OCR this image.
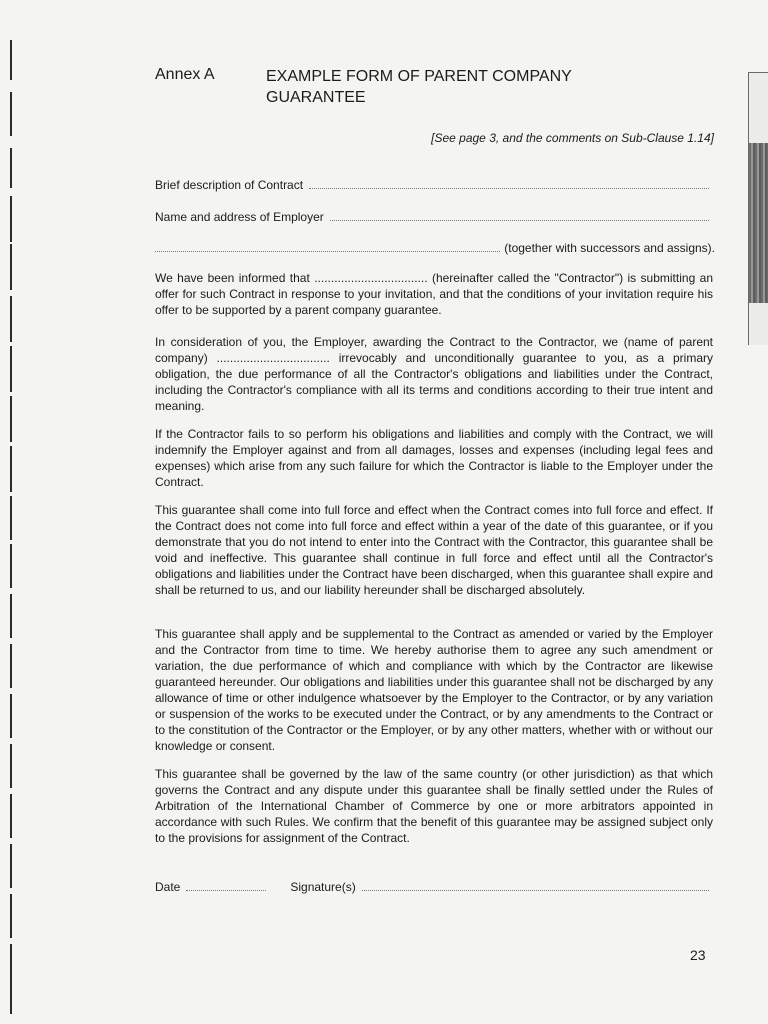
Annex A	EXAMPLE FORM OF PARENT COMPANY
GUARANTEE
[See page 3, and the comments on Sub-Clause 1.14]
Brief description of Contract
Name and address of Employer
(together with successors and assigns).

We have been informed that .................................. (hereinafter called the "Contractor") is submitting an offer for such Contract in response to your invitation, and that the conditions of your invitation require his offer to be supported by a parent company guarantee.

In consideration of you, the Employer, awarding the Contract to the Contractor, we (name of parent company) .................................. irrevocably and unconditionally guarantee to you, as a primary obligation, the due performance of all the Contractor's obligations and liabilities under the Contract, including the Contractor's compliance with all its terms and conditions according to their true intent and meaning.

If the Contractor fails to so perform his obligations and liabilities and comply with the Contract, we will indemnify the Employer against and from all damages, losses and expenses (including legal fees and expenses) which arise from any such failure for which the Contractor is liable to the Employer under the Contract.

This guarantee shall come into full force and effect when the Contract comes into full force and effect. If the Contract does not come into full force and effect within a year of the date of this guarantee, or if you demonstrate that you do not intend to enter into the Contract with the Contractor, this guarantee shall be void and ineffective. This guarantee shall continue in full force and effect until all the Contractor's obligations and liabilities under the Contract have been discharged, when this guarantee shall expire and shall be returned to us, and our liability hereunder shall be discharged absolutely.

This guarantee shall apply and be supplemental to the Contract as amended or varied by the Employer and the Contractor from time to time. We hereby authorise them to agree any such amendment or variation, the due performance of which and compliance with which by the Contractor are likewise guaranteed hereunder. Our obligations and liabilities under this guarantee shall not be discharged by any allowance of time or other indulgence whatsoever by the Employer to the Contractor, or by any variation or suspension of the works to be executed under the Contract, or by any amendments to the Contract or to the constitution of the Contractor or the Employer, or by any other matters, whether with or without our knowledge or consent.

This guarantee shall be governed by the law of the same country (or other jurisdiction) as that which governs the Contract and any dispute under this guarantee shall be finally settled under the Rules of Arbitration of the International Chamber of Commerce by one or more arbitrators appointed in accordance with such Rules. We confirm that the benefit of this guarantee may be assigned subject only to the provisions for assignment of the Contract.

Date	Signature(s)
23
